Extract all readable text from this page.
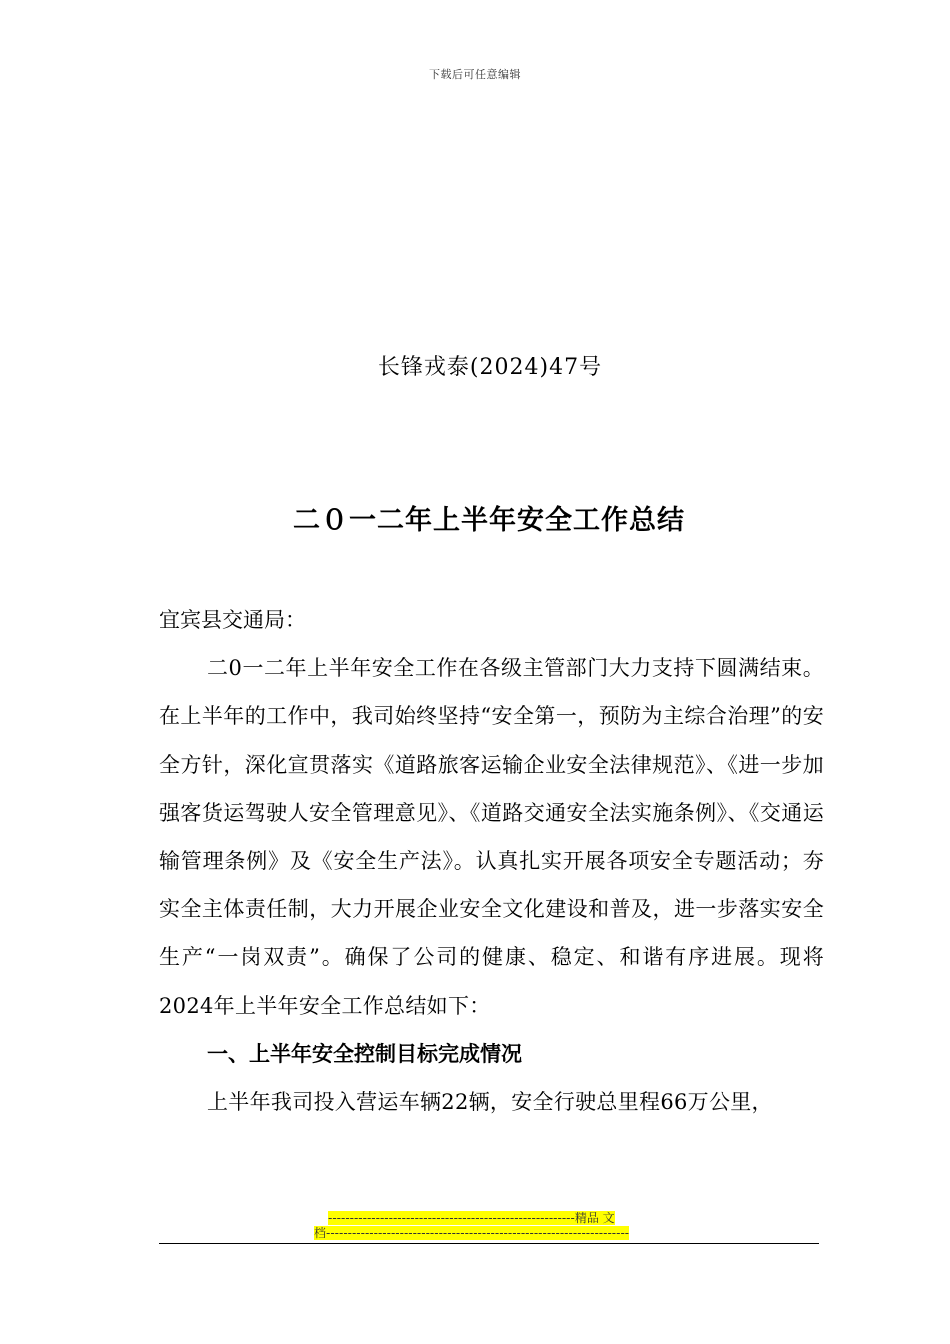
下载后可任意编辑
长锋戎泰(2024)47号
二０一二年上半年安全工作总结

宜宾县交通局：

二0一二年上半年安全工作在各级主管部门大力支持下圆满结束。在上半年的工作中，我司始终坚持“安全第一，预防为主综合治理”的安全方针，深化宣贯落实《道路旅客运输企业安全法律规范》、《进一步加强客货运驾驶人安全管理意见》、《道路交通安全法实施条例》、《交通运输管理条例》及《安全生产法》。认真扎实开展各项安全专题活动；夯实全主体责任制，大力开展企业安全文化建设和普及，进一步落实安全生产“一岗双责”。确保了公司的健康、稳定、和谐有序进展。现将2024年上半年安全工作总结如下：

一、上半年安全控制目标完成情况

上半年我司投入营运车辆22辆，安全行驶总里程66万公里，

---------------------------------------------------------精品 文
档----------------------------------------------------------------------
